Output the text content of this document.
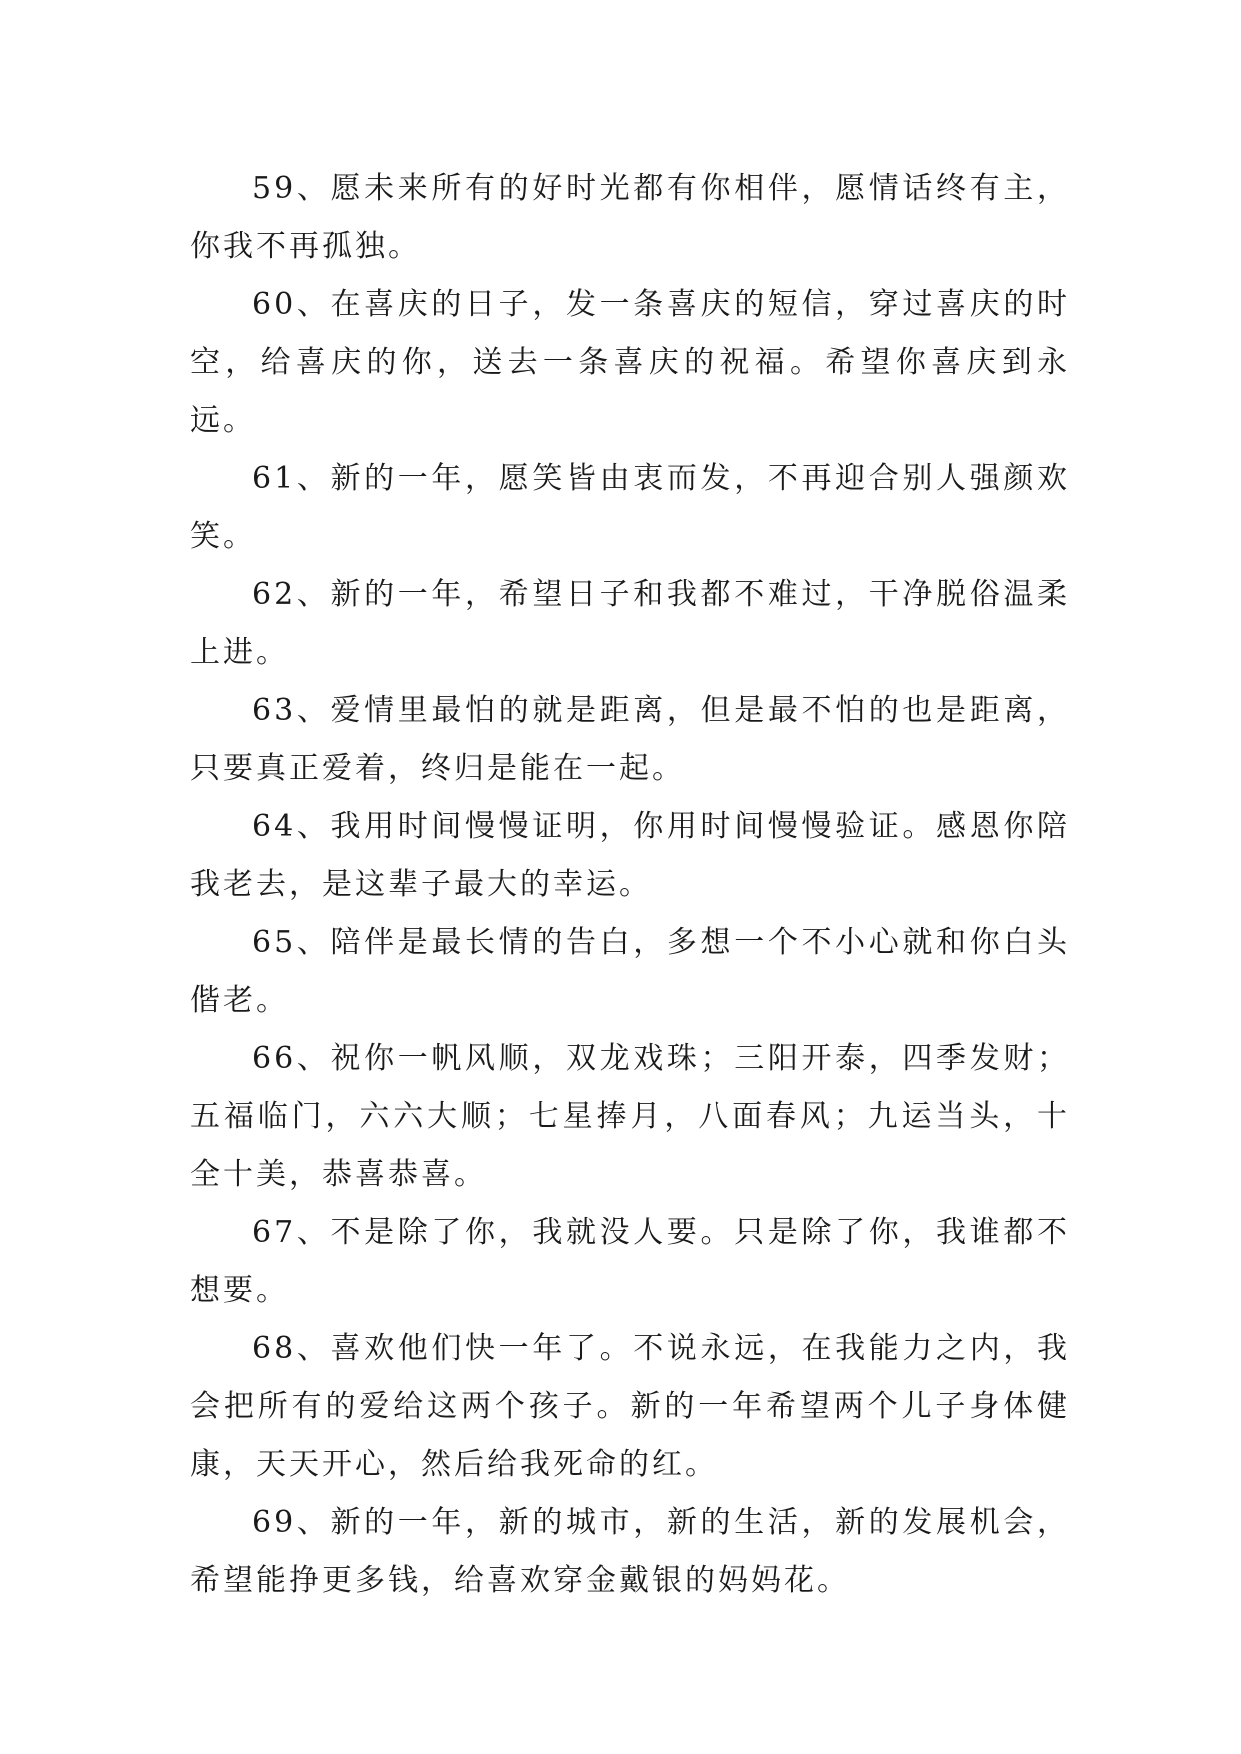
59、愿未来所有的好时光都有你相伴，愿情话终有主，你我不再孤独。

60、在喜庆的日子，发一条喜庆的短信，穿过喜庆的时空，给喜庆的你，送去一条喜庆的祝福。希望你喜庆到永远。

61、新的一年，愿笑皆由衷而发，不再迎合别人强颜欢笑。

62、新的一年，希望日子和我都不难过，干净脱俗温柔上进。

63、爱情里最怕的就是距离，但是最不怕的也是距离，只要真正爱着，终归是能在一起。

64、我用时间慢慢证明，你用时间慢慢验证。感恩你陪我老去，是这辈子最大的幸运。

65、陪伴是最长情的告白，多想一个不小心就和你白头偕老。

66、祝你一帆风顺，双龙戏珠；三阳开泰，四季发财；五福临门，六六大顺；七星捧月，八面春风；九运当头，十全十美，恭喜恭喜。

67、不是除了你，我就没人要。只是除了你，我谁都不想要。

68、喜欢他们快一年了。不说永远，在我能力之内，我会把所有的爱给这两个孩子。新的一年希望两个儿子身体健康，天天开心，然后给我死命的红。

69、新的一年，新的城市，新的生活，新的发展机会，希望能挣更多钱，给喜欢穿金戴银的妈妈花。
